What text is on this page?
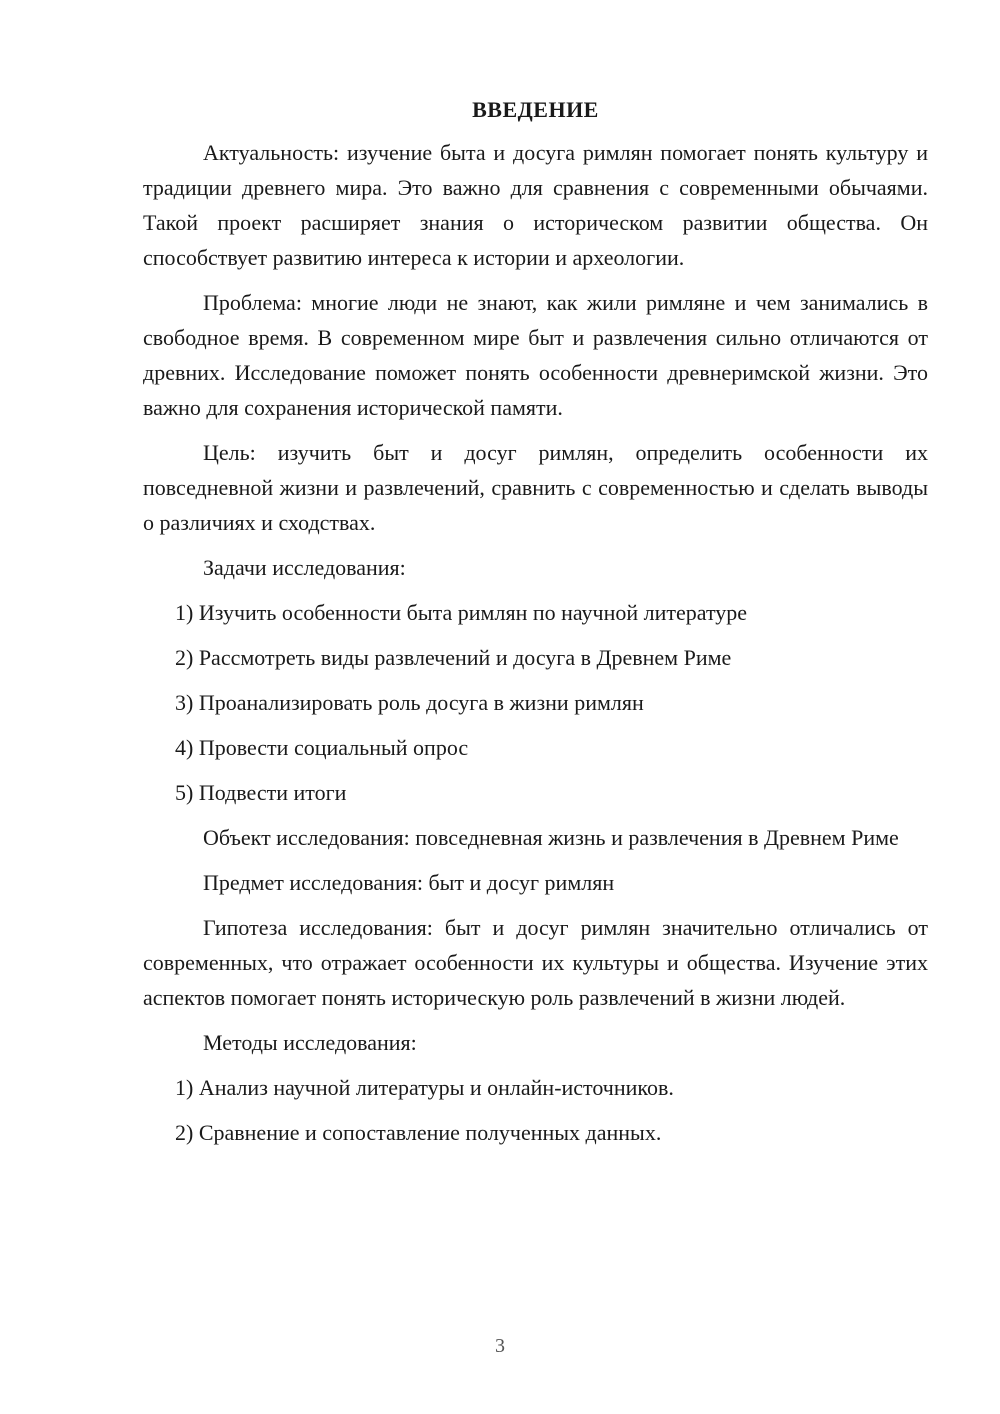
ВВЕДЕНИЕ

Актуальность: изучение быта и досуга римлян помогает понять культуру и традиции древнего мира. Это важно для сравнения с современными обычаями. Такой проект расширяет знания о историческом развитии общества. Он способствует развитию интереса к истории и археологии.

Проблема: многие люди не знают, как жили римляне и чем занимались в свободное время. В современном мире быт и развлечения сильно отличаются от древних. Исследование поможет понять особенности древнеримской жизни. Это важно для сохранения исторической памяти.

Цель: изучить быт и досуг римлян, определить особенности их повседневной жизни и развлечений, сравнить с современностью и сделать выводы о различиях и сходствах.

Задачи исследования:
1) Изучить особенности быта римлян по научной литературе
2) Рассмотреть виды развлечений и досуга в Древнем Риме
3) Проанализировать роль досуга в жизни римлян
4) Провести социальный опрос
5) Подвести итоги

Объект исследования: повседневная жизнь и развлечения в Древнем Риме

Предмет исследования: быт и досуг римлян

Гипотеза исследования: быт и досуг римлян значительно отличались от современных, что отражает особенности их культуры и общества. Изучение этих аспектов помогает понять историческую роль развлечений в жизни людей.

Методы исследования:
1) Анализ научной литературы и онлайн-источников.
2) Сравнение и сопоставление полученных данных.
3
